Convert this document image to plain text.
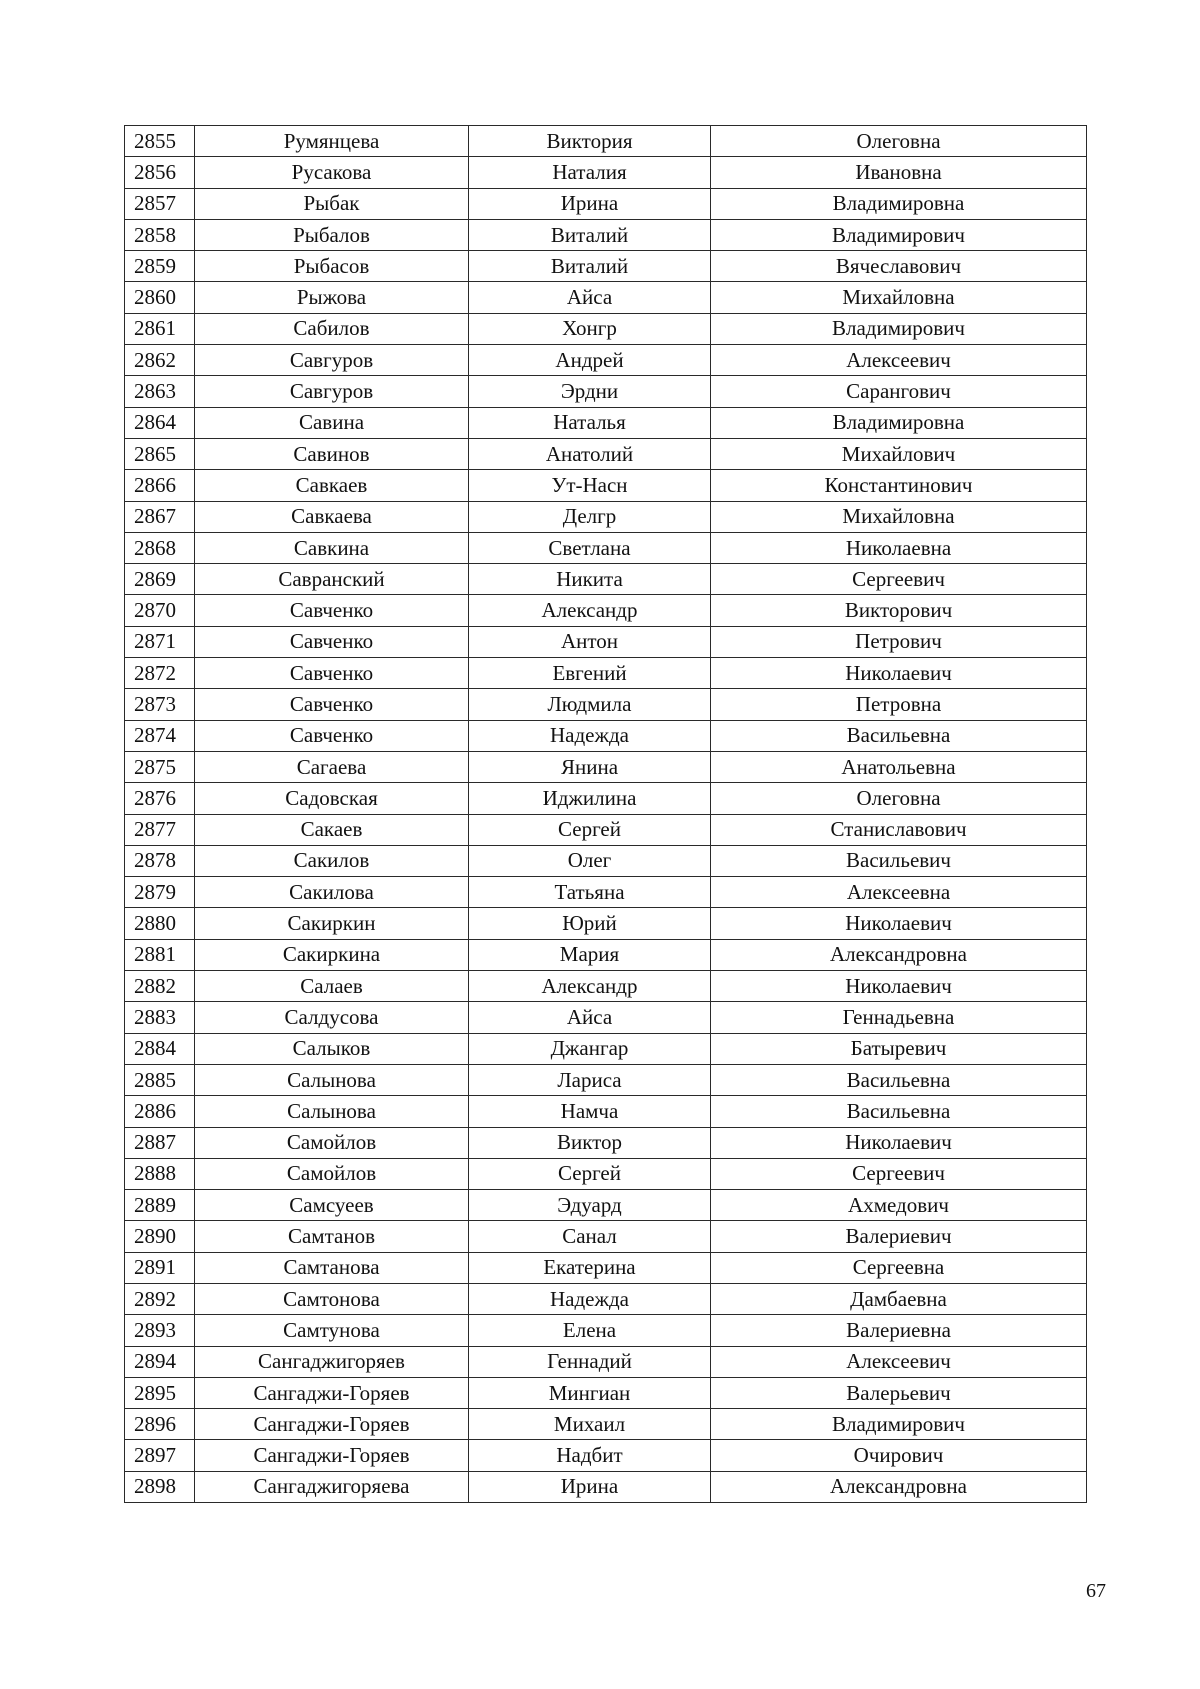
2855	Румянцева	Виктория	Олеговна
2856	Русакова	Наталия	Ивановна
2857	Рыбак	Ирина	Владимировна
2858	Рыбалов	Виталий	Владимирович
2859	Рыбасов	Виталий	Вячеславович
2860	Рыжова	Айса	Михайловна
2861	Сабилов	Хонгр	Владимирович
2862	Савгуров	Андрей	Алексеевич
2863	Савгуров	Эрдни	Сарангович
2864	Савина	Наталья	Владимировна
2865	Савинов	Анатолий	Михайлович
2866	Савкаев	Ут-Насн	Константинович
2867	Савкаева	Делгр	Михайловна
2868	Савкина	Светлана	Николаевна
2869	Савранский	Никита	Сергеевич
2870	Савченко	Александр	Викторович
2871	Савченко	Антон	Петрович
2872	Савченко	Евгений	Николаевич
2873	Савченко	Людмила	Петровна
2874	Савченко	Надежда	Васильевна
2875	Сагаева	Янина	Анатольевна
2876	Садовская	Иджилина	Олеговна
2877	Сакаев	Сергей	Станиславович
2878	Сакилов	Олег	Васильевич
2879	Сакилова	Татьяна	Алексеевна
2880	Сакиркин	Юрий	Николаевич
2881	Сакиркина	Мария	Александровна
2882	Салаев	Александр	Николаевич
2883	Салдусова	Айса	Геннадьевна
2884	Салыков	Джангар	Батыревич
2885	Салынова	Лариса	Васильевна
2886	Салынова	Намча	Васильевна
2887	Самойлов	Виктор	Николаевич
2888	Самойлов	Сергей	Сергеевич
2889	Самсуеев	Эдуард	Ахмедович
2890	Самтанов	Санал	Валериевич
2891	Самтанова	Екатерина	Сергеевна
2892	Самтонова	Надежда	Дамбаевна
2893	Самтунова	Елена	Валериевна
2894	Сангаджигоряев	Геннадий	Алексеевич
2895	Сангаджи-Горяев	Мингиан	Валерьевич
2896	Сангаджи-Горяев	Михаил	Владимирович
2897	Сангаджи-Горяев	Надбит	Очирович
2898	Сангаджигоряева	Ирина	Александровна
67
